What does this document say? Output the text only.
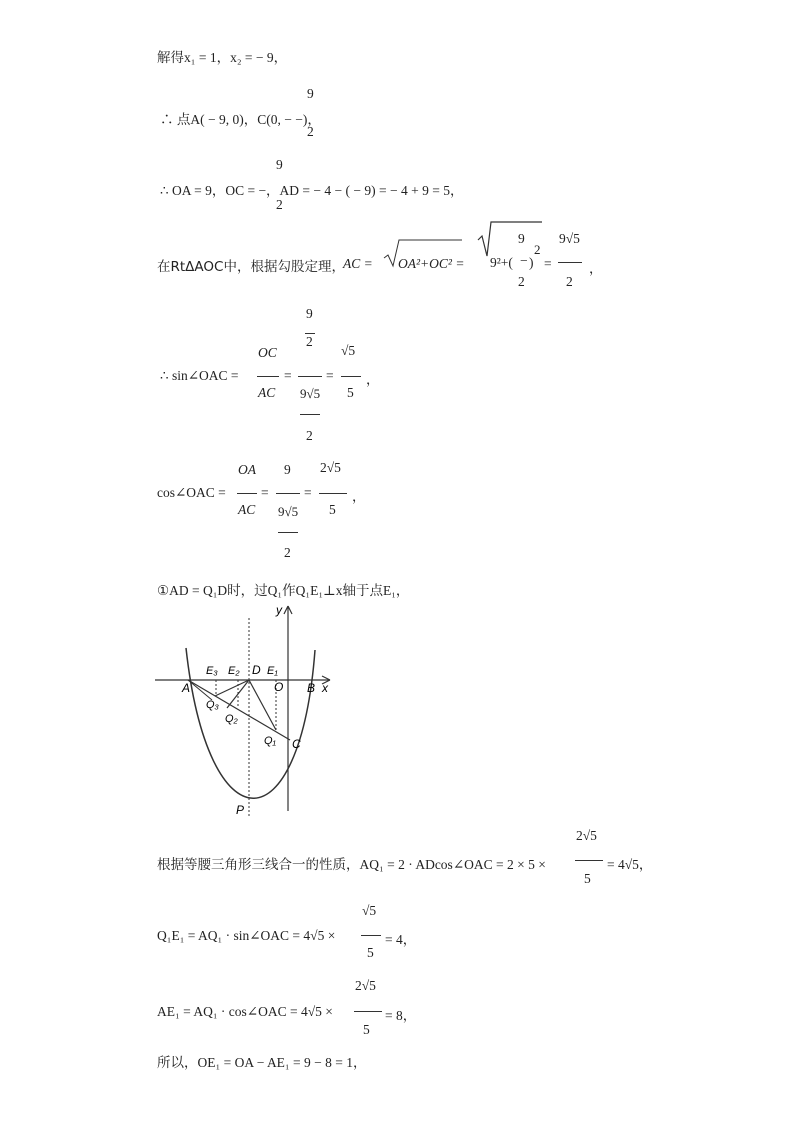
解得x₁ = 1，x₂ = − 9，
9
∴ 点A( − 9, 0)，C(0, − −)，
2
9
∴ OA = 9，OC = −，AD = − 4 − ( − 9) = − 4 + 9 = 5，
2
在RtΔAOC中，根据勾股定理，
AC = OA²+OC² =
9
9²+( − )
2
2
=
9√5
2
，
9
2
√5
OC
∴ sin∠OAC =	=	= ，
AC 9√5 5
2
OA 9 2√5
cos∠OAC =	=	=	，
AC 9√5 5
2
①AD = Q₁D时，过Q₁作Q₁E₁⊥x轴于点E₁，
y
x
A	B
C
D
O
P
E₁
E₂
E₃
Q₁
Q₂
Q₃
2√5
根据等腰三角形三线合一的性质，AQ₁ = 2 · ADcos∠OAC = 2 × 5 ×	= 4√5，
5
√5
Q₁E₁ = AQ₁ · sin∠OAC = 4√5 ×	= 4，
5
2√5
AE₁ = AQ₁ · cos∠OAC = 4√5 ×	= 8，
5
所以，OE₁ = OA − AE₁ = 9 − 8 = 1，
